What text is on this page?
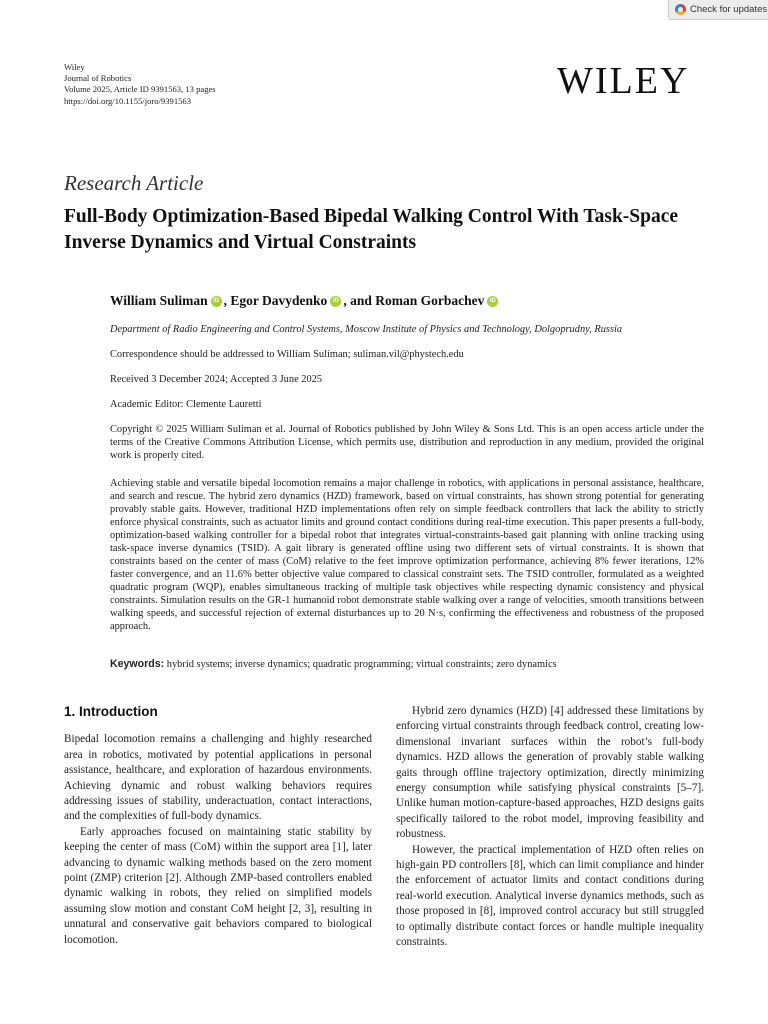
Check for updates
Wiley
Journal of Robotics
Volume 2025, Article ID 9391563, 13 pages
https://doi.org/10.1155/joro/9391563	WILEY
Research Article
Full-Body Optimization-Based Bipedal Walking Control With Task-Space Inverse Dynamics and Virtual Constraints
William Suliman iD , Egor Davydenko iD , and Roman Gorbachev iD
Department of Radio Engineering and Control Systems, Moscow Institute of Physics and Technology, Dolgoprudny, Russia
Correspondence should be addressed to William Suliman; suliman.vil@phystech.edu
Received 3 December 2024; Accepted 3 June 2025
Academic Editor: Clemente Lauretti
Copyright © 2025 William Suliman et al. Journal of Robotics published by John Wiley & Sons Ltd. This is an open access article under the terms of the Creative Commons Attribution License, which permits use, distribution and reproduction in any medium, provided the original work is properly cited.
Achieving stable and versatile bipedal locomotion remains a major challenge in robotics, with applications in personal assistance, healthcare, and search and rescue. The hybrid zero dynamics (HZD) framework, based on virtual constraints, has shown strong potential for generating provably stable gaits. However, traditional HZD implementations often rely on simple feedback controllers that lack the ability to strictly enforce physical constraints, such as actuator limits and ground contact conditions during real-time execution. This paper presents a full-body, optimization-based walking controller for a bipedal robot that integrates virtual-constraints-based gait planning with online tracking using task-space inverse dynamics (TSID). A gait library is generated offline using two different sets of virtual constraints. It is shown that constraints based on the center of mass (CoM) relative to the feet improve optimization performance, achieving 8% fewer iterations, 12% faster convergence, and an 11.6% better objective value compared to classical constraint sets. The TSID controller, formulated as a weighted quadratic program (WQP), enables simultaneous tracking of multiple task objectives while respecting dynamic consistency and physical constraints. Simulation results on the GR-1 humanoid robot demonstrate stable walking over a range of velocities, smooth transitions between walking speeds, and successful rejection of external disturbances up to 20 N·s, confirming the effectiveness and robustness of the proposed approach.
Keywords: hybrid systems; inverse dynamics; quadratic programming; virtual constraints; zero dynamics
1. Introduction

Bipedal locomotion remains a challenging and highly researched area in robotics, motivated by potential applications in personal assistance, healthcare, and exploration of hazardous environments. Achieving dynamic and robust walking behaviors requires addressing issues of stability, underactuation, contact interactions, and the complexities of full-body dynamics.

Early approaches focused on maintaining static stability by keeping the center of mass (CoM) within the support area [1], later advancing to dynamic walking methods based on the zero moment point (ZMP) criterion [2]. Although ZMP-based controllers enabled dynamic walking in robots, they relied on simplified models assuming slow motion and constant CoM height [2, 3], resulting in unnatural and conservative gait behaviors compared to biological locomotion.

Hybrid zero dynamics (HZD) [4] addressed these limitations by enforcing virtual constraints through feedback control, creating low-dimensional invariant surfaces within the robot’s full-body dynamics. HZD allows the generation of provably stable walking gaits through offline trajectory optimization, directly minimizing energy consumption while satisfying physical constraints [5–7]. Unlike human motion-capture-based approaches, HZD designs gaits specifically tailored to the robot model, improving feasibility and robustness.

However, the practical implementation of HZD often relies on high-gain PD controllers [8], which can limit compliance and hinder the enforcement of actuator limits and contact conditions during real-world execution. Analytical inverse dynamics methods, such as those proposed in [8], improved control accuracy but still struggled to optimally distribute contact forces or handle multiple inequality constraints.
